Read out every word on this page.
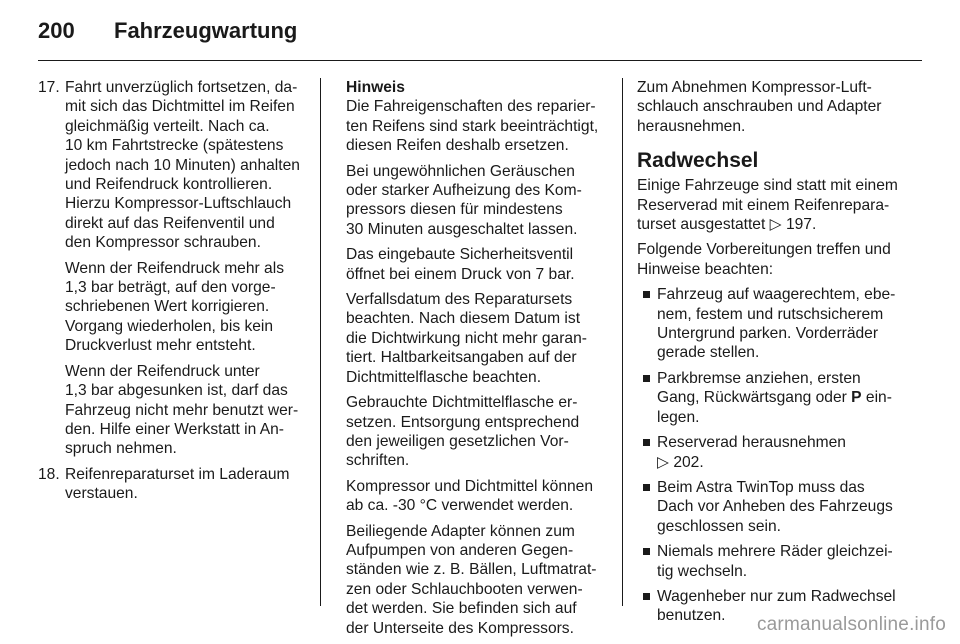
200 Fahrzeugwartung
17. Fahrt unverzüglich fortsetzen, da-
mit sich das Dichtmittel im Reifen
gleichmäßig verteilt. Nach ca.
10 km Fahrtstrecke (spätestens
jedoch nach 10 Minuten) anhalten
und Reifendruck kontrollieren.
Hierzu Kompressor-Luftschlauch
direkt auf das Reifenventil und
den Kompressor schrauben.
Wenn der Reifendruck mehr als
1,3 bar beträgt, auf den vorge-
schriebenen Wert korrigieren.
Vorgang wiederholen, bis kein
Druckverlust mehr entsteht.
Wenn der Reifendruck unter
1,3 bar abgesunken ist, darf das
Fahrzeug nicht mehr benutzt wer-
den. Hilfe einer Werkstatt in An-
spruch nehmen.
18. Reifenreparaturset im Laderaum
verstauen.
Hinweis
Die Fahreigenschaften des reparier-
ten Reifens sind stark beeinträchtigt,
diesen Reifen deshalb ersetzen.
Bei ungewöhnlichen Geräuschen
oder starker Aufheizung des Kom-
pressors diesen für mindestens
30 Minuten ausgeschaltet lassen.
Das eingebaute Sicherheitsventil
öffnet bei einem Druck von 7 bar.
Verfallsdatum des Reparatursets
beachten. Nach diesem Datum ist
die Dichtwirkung nicht mehr garan-
tiert. Haltbarkeitsangaben auf der
Dichtmittelflasche beachten.
Gebrauchte Dichtmittelflasche er-
setzen. Entsorgung entsprechend
den jeweiligen gesetzlichen Vor-
schriften.
Kompressor und Dichtmittel können
ab ca. -30 °C verwendet werden.
Beiliegende Adapter können zum
Aufpumpen von anderen Gegen-
ständen wie z. B. Bällen, Luftmatrat-
zen oder Schlauchbooten verwen-
det werden. Sie befinden sich auf
der Unterseite des Kompressors.
Zum Abnehmen Kompressor-Luft-
schlauch anschrauben und Adapter
herausnehmen.
Radwechsel
Einige Fahrzeuge sind statt mit einem
Reserverad mit einem Reifenrepara-
turset ausgestattet ▷ 197.
Folgende Vorbereitungen treffen und
Hinweise beachten:
Fahrzeug auf waagerechtem, ebe-
nem, festem und rutschsicherem
Untergrund parken. Vorderräder
gerade stellen.
Parkbremse anziehen, ersten
Gang, Rückwärtsgang oder P ein-
legen.
Reserverad herausnehmen
▷ 202.
Beim Astra TwinTop muss das
Dach vor Anheben des Fahrzeugs
geschlossen sein.
Niemals mehrere Räder gleichzei-
tig wechseln.
Wagenheber nur zum Radwechsel
benutzen.	carmanualsonline.info
